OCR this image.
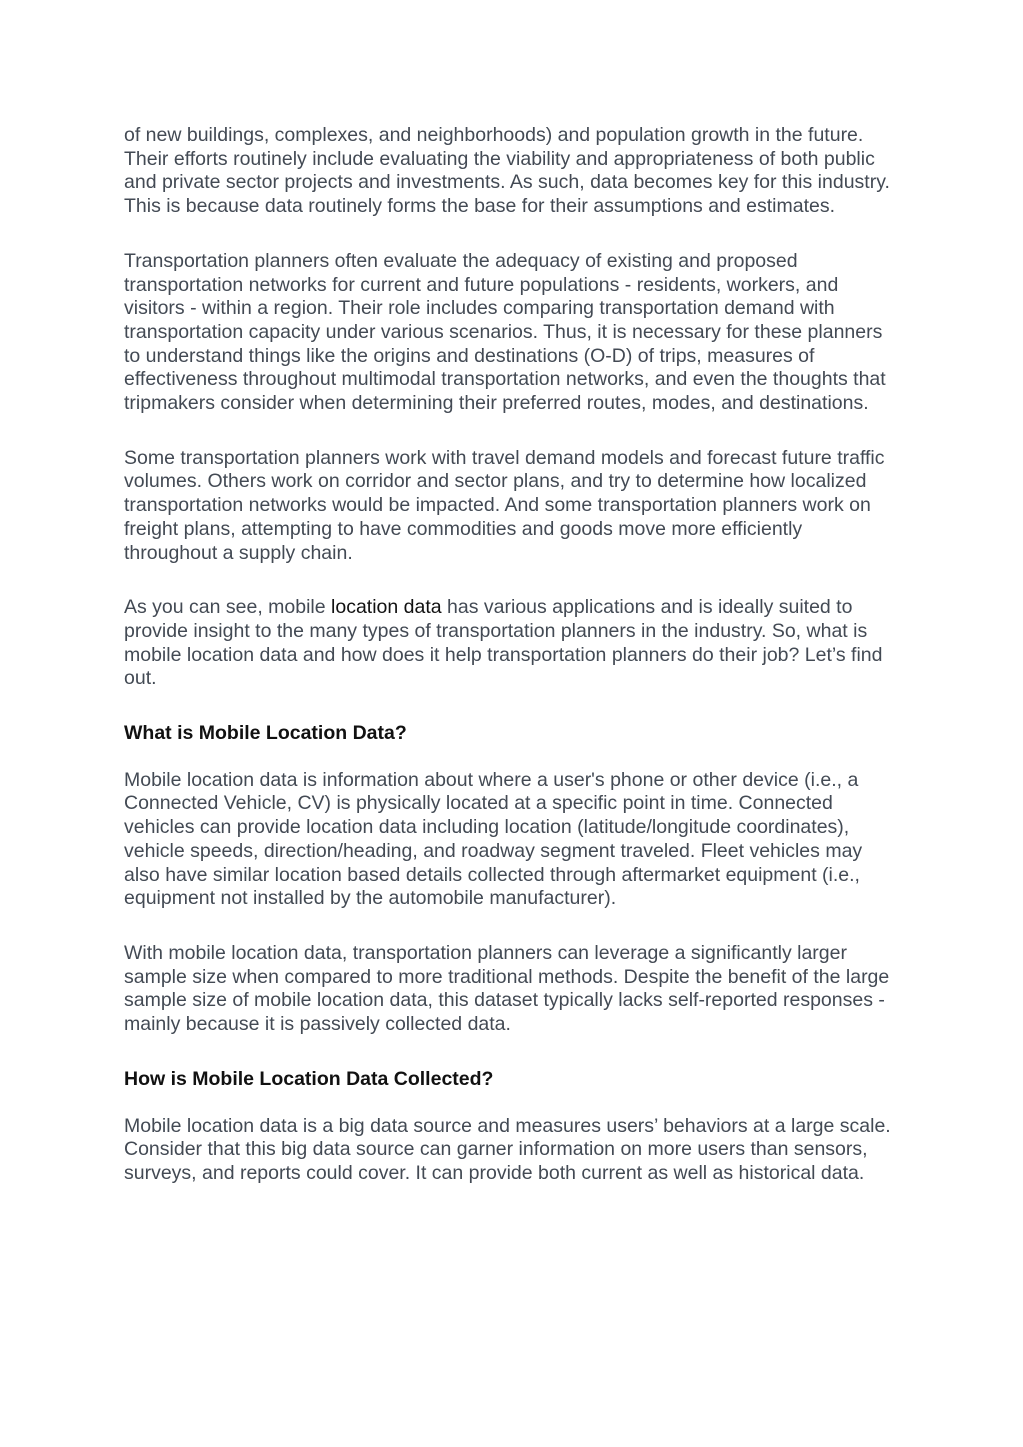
of new buildings, complexes, and neighborhoods) and population growth in the future. Their efforts routinely include evaluating the viability and appropriateness of both public and private sector projects and investments. As such, data becomes key for this industry. This is because data routinely forms the base for their assumptions and estimates.

Transportation planners often evaluate the adequacy of existing and proposed transportation networks for current and future populations - residents, workers, and visitors - within a region. Their role includes comparing transportation demand with transportation capacity under various scenarios. Thus, it is necessary for these planners to understand things like the origins and destinations (O-D) of trips, measures of effectiveness throughout multimodal transportation networks, and even the thoughts that tripmakers consider when determining their preferred routes, modes, and destinations.

Some transportation planners work with travel demand models and forecast future traffic volumes. Others work on corridor and sector plans, and try to determine how localized transportation networks would be impacted. And some transportation planners work on freight plans, attempting to have commodities and goods move more efficiently throughout a supply chain.

As you can see, mobile location data has various applications and is ideally suited to provide insight to the many types of transportation planners in the industry. So, what is mobile location data and how does it help transportation planners do their job? Let’s find out.

What is Mobile Location Data?

Mobile location data is information about where a user's phone or other device (i.e., a Connected Vehicle, CV) is physically located at a specific point in time. Connected vehicles can provide location data including location (latitude/longitude coordinates), vehicle speeds, direction/heading, and roadway segment traveled. Fleet vehicles may also have similar location based details collected through aftermarket equipment (i.e., equipment not installed by the automobile manufacturer).

With mobile location data, transportation planners can leverage a significantly larger sample size when compared to more traditional methods. Despite the benefit of the large sample size of mobile location data, this dataset typically lacks self-reported responses - mainly because it is passively collected data.

How is Mobile Location Data Collected?

Mobile location data is a big data source and measures users’ behaviors at a large scale. Consider that this big data source can garner information on more users than sensors, surveys, and reports could cover. It can provide both current as well as historical data.
